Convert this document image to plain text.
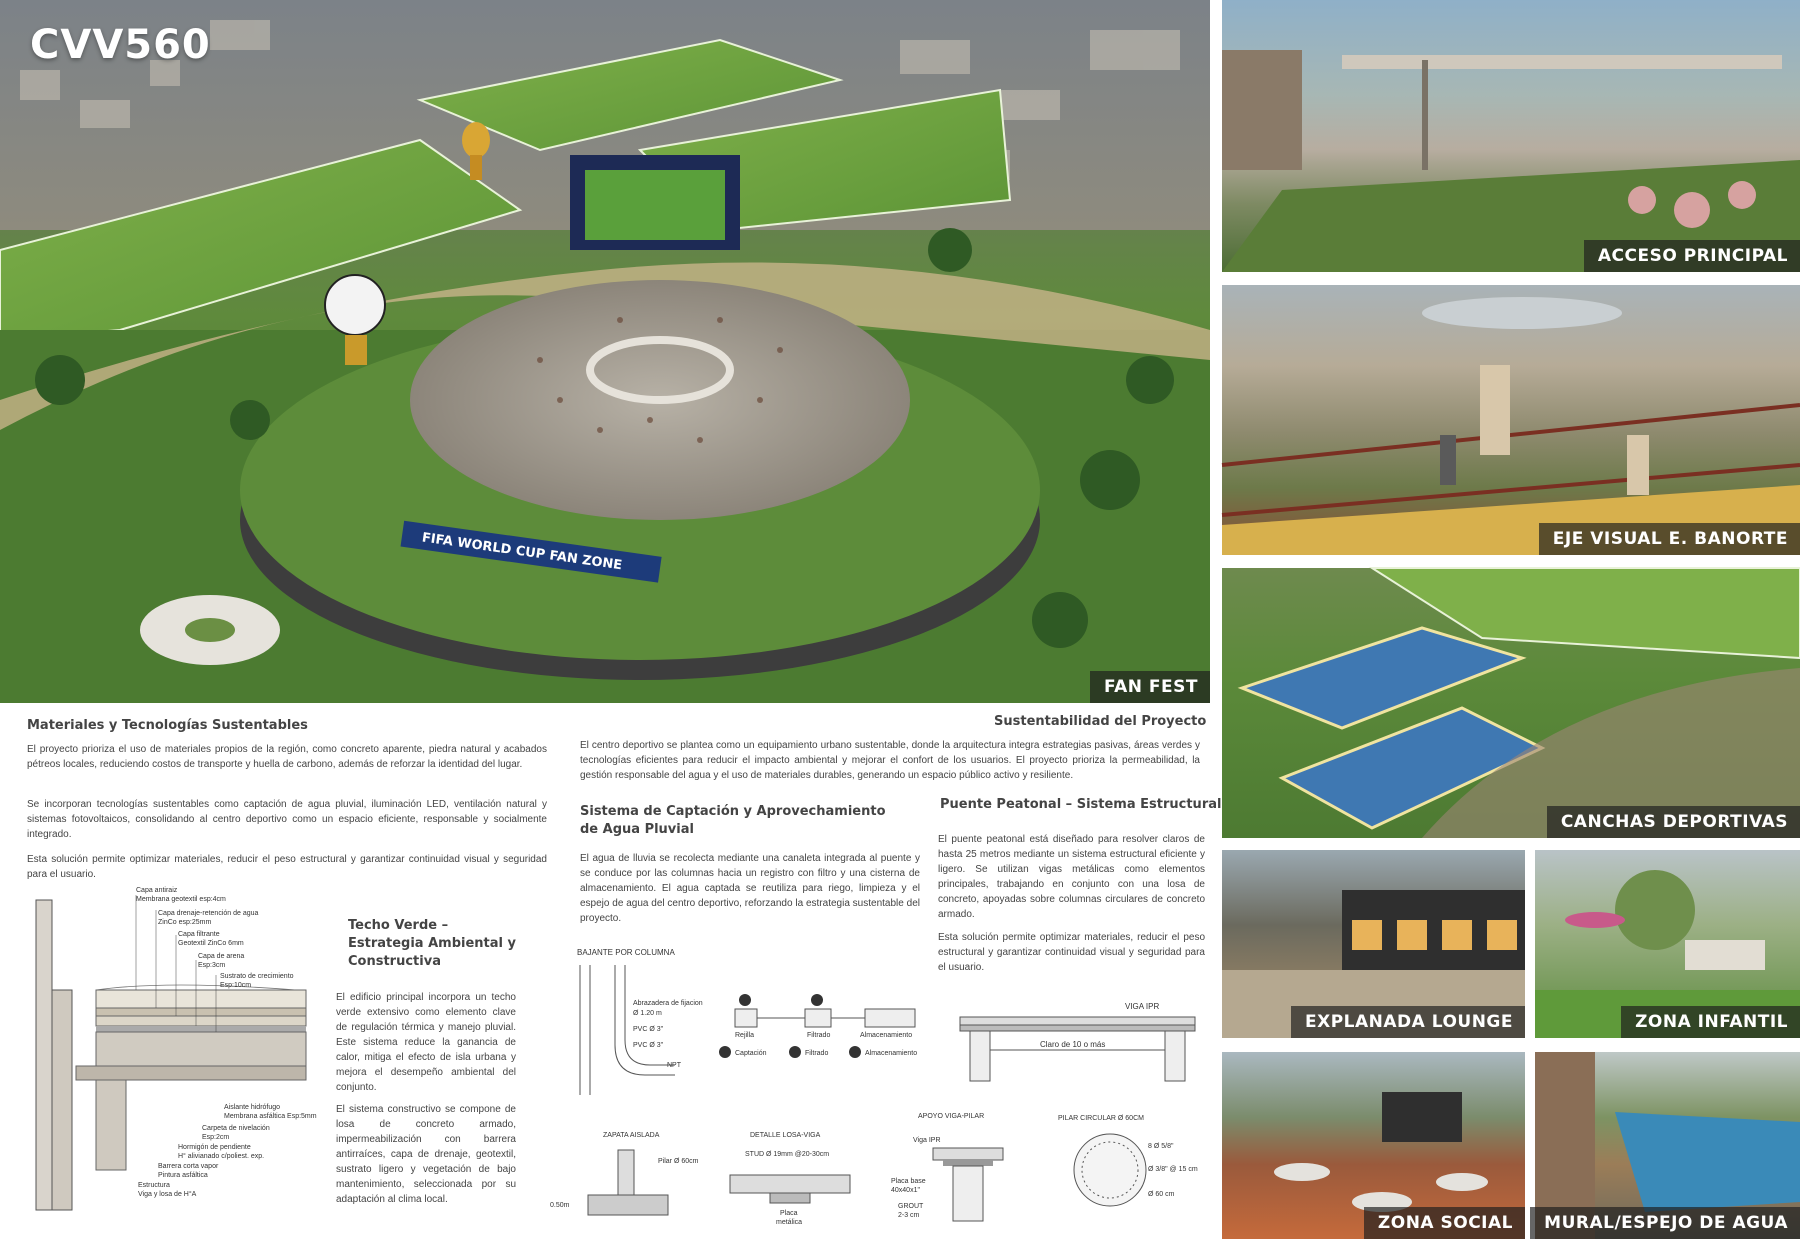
FIFA WORLD CUP FAN ZONE
CVV560
FAN FEST
ACCESO PRINCIPAL
EJE VISUAL E. BANORTE
CANCHAS DEPORTIVAS
EXPLANADA LOUNGE	ZONA INFANTIL
ZONA SOCIAL	MURAL/ESPEJO DE AGUA
Materiales y Tecnologías Sustentables
El proyecto prioriza el uso de materiales propios de la región, como concreto aparente, piedra natural y acabados pétreos locales, reduciendo costos de transporte y huella de carbono, además de reforzar la identidad del lugar.
Se incorporan tecnologías sustentables como captación de agua pluvial, iluminación LED, ventilación natural y sistemas fotovoltaicos, consolidando al centro deportivo como un espacio eficiente, responsable y socialmente integrado.
Esta solución permite optimizar materiales, reducir el peso estructural y garantizar continuidad visual y seguridad para el usuario.
Sustentabilidad del Proyecto
El centro deportivo se plantea como un equipamiento urbano sustentable, donde la arquitectura integra estrategias pasivas, áreas verdes y tecnologías eficientes para reducir el impacto ambiental y mejorar el confort de los usuarios. El proyecto prioriza la permeabilidad, la gestión responsable del agua y el uso de materiales durables, generando un espacio público activo y resiliente.
Sistema de Captación y Aprovechamiento de Agua Pluvial
El agua de lluvia se recolecta mediante una canaleta integrada al puente y se conduce por las columnas hacia un registro con filtro y una cisterna de almacenamiento. El agua captada se reutiliza para riego, limpieza y el espejo de agua del centro deportivo, reforzando la estrategia sustentable del proyecto.
Puente Peatonal – Sistema Estructural
El puente peatonal está diseñado para resolver claros de hasta 25 metros mediante un sistema estructural eficiente y ligero. Se utilizan vigas metálicas como elementos principales, trabajando en conjunto con una losa de concreto, apoyadas sobre columnas circulares de concreto armado.
Esta solución permite optimizar materiales, reducir el peso estructural y garantizar continuidad visual y seguridad para el usuario.
Techo Verde –
Estrategia Ambiental y
Constructiva
El edificio principal incorpora un techo verde extensivo como elemento clave de regulación térmica y manejo pluvial. Este sistema reduce la ganancia de calor, mitiga el efecto de isla urbana y mejora el desempeño ambiental del conjunto.
El sistema constructivo se compone de losa de concreto armado, impermeabilización con barrera antirraíces, capa de drenaje, geotextil, sustrato ligero y vegetación de bajo mantenimiento, seleccionada por su adaptación al clima local.
Capa antiraiz
Membrana geotextil esp:4cm
Capa drenaje-retención de agua
ZinCo esp:25mm
Capa filtrante
Geotextil ZinCo 6mm
Capa de arena
Esp:3cm
Sustrato de crecimiento
Esp:10cm
Aislante hidrófugo
Membrana asfáltica Esp:5mm
Carpeta de nivelación
Esp:2cm
Hormigón de pendiente
H° alivianado c/poliest. exp.
Barrera corta vapor
Pintura asfáltica
Estructura
Viga y losa de H°A
BAJANTE POR COLUMNA
Abrazadera de fijacion
Ø 1.20 m
PVC Ø 3"
PVC Ø 3"
NPT
1	2
Rejilla	Filtrado	Almacenamiento
1 Captación	2 Filtrado	3 Almacenamiento
VIGA IPR
Claro de 10 o más
ZAPATA AISLADA
Pilar Ø 60cm
0.50m
DETALLE LOSA-VIGA
STUD Ø 19mm @20-30cm
Placa
metálica
APOYO VIGA-PILAR
Viga IPR
Placa base
40x40x1"
GROUT
2-3 cm
PILAR CIRCULAR Ø 60CM
8 Ø 5/8"
Ø 3/8" @ 15 cm
Ø 60 cm
